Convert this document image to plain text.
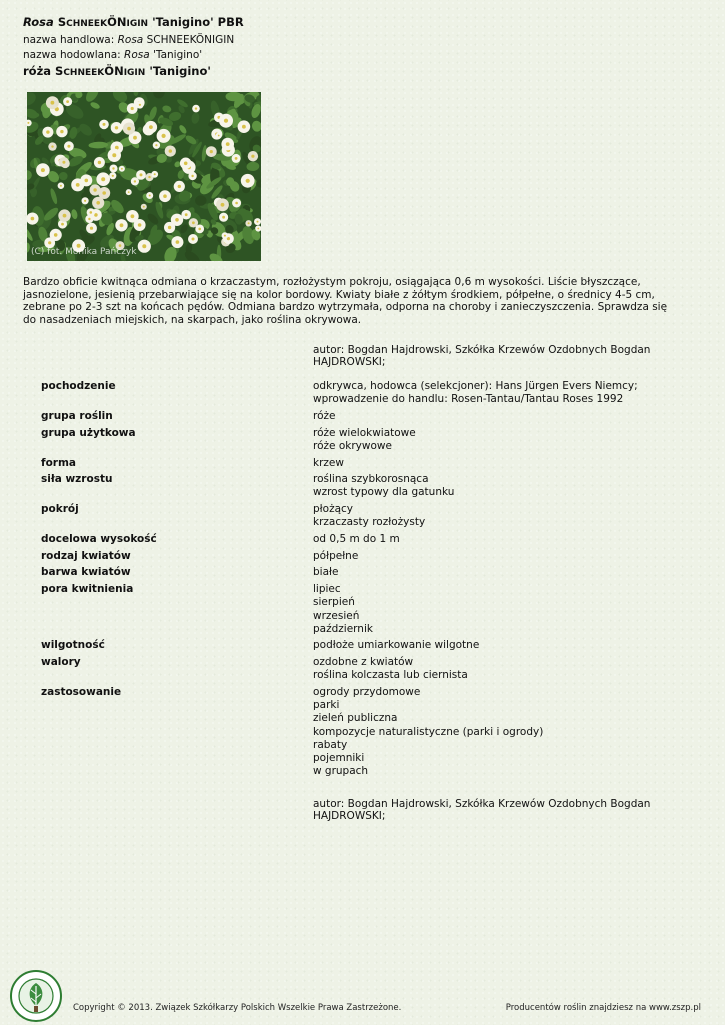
Rosa SCHNEEKÖNIGIN 'Tanigino' PBR
nazwa handlowa: Rosa SCHNEEKÖNIGIN
nazwa hodowlana: Rosa 'Tanigino'
róża SCHNEEKÖNIGIN 'Tanigino'
(C) fot. Monika Pańczyk
Bardzo obficie kwitnąca odmiana o krzaczastym, rozłożystym pokroju, osiągająca 0,6 m wysokości. Liście błyszczące, jasnozielone, jesienią przebarwiające się na kolor bordowy. Kwiaty białe z żółtym środkiem, półpełne, o średnicy 4-5 cm, zebrane po 2-3 szt na końcach pędów. Odmiana bardzo wytrzymała, odporna na choroby i zanieczyszczenia. Sprawdza się do nasadzeniach miejskich, na skarpach, jako roślina okrywowa.
autor: Bogdan Hajdrowski, Szkółka Krzewów Ozdobnych Bogdan HAJDROWSKI;
pochodzenie	odkrywca, hodowca (selekcjoner): Hans Jürgen Evers Niemcy; wprowadzenie do handlu: Rosen-Tantau/Tantau Roses 1992
grupa roślin	róże
grupa użytkowa	róże wielokwiatowe
róże okrywowe
forma	krzew
siła wzrostu	roślina szybkorosnąca
wzrost typowy dla gatunku
pokrój	płożący
krzaczasty rozłożysty
docelowa wysokość	od 0,5 m do 1 m
rodzaj kwiatów	półpełne
barwa kwiatów	białe
pora kwitnienia	lipiec
sierpień
wrzesień
październik
wilgotność	podłoże umiarkowanie wilgotne
walory	ozdobne z kwiatów
roślina kolczasta lub ciernista
zastosowanie	ogrody przydomowe
parki
zieleń publiczna
kompozycje naturalistyczne (parki i ogrody)
rabaty
pojemniki
w grupach
autor: Bogdan Hajdrowski, Szkółka Krzewów Ozdobnych Bogdan HAJDROWSKI;
Copyright © 2013. Związek Szkółkarzy Polskich Wszelkie Prawa Zastrzeżone.	Producentów roślin znajdziesz na www.zszp.pl
